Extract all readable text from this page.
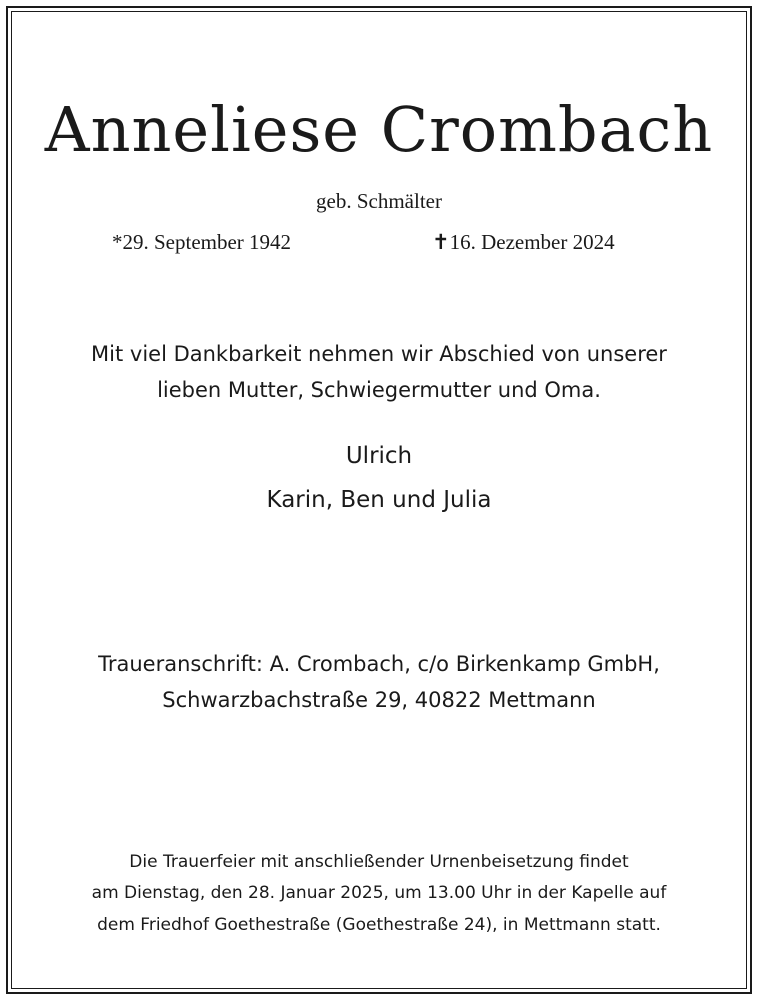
Anneliese Crombach
geb. Schmälter
*29. September 1942	✝16. Dezember 2024
Mit viel Dankbarkeit nehmen wir Abschied von unserer
lieben Mutter, Schwiegermutter und Oma.
Ulrich
Karin, Ben und Julia
Traueranschrift: A. Crombach, c/o Birkenkamp GmbH,
Schwarzbachstraße 29, 40822 Mettmann
Die Trauerfeier mit anschließender Urnenbeisetzung findet
am Dienstag, den 28. Januar 2025, um 13.00 Uhr in der Kapelle auf
dem Friedhof Goethestraße (Goethestraße 24), in Mettmann statt.
